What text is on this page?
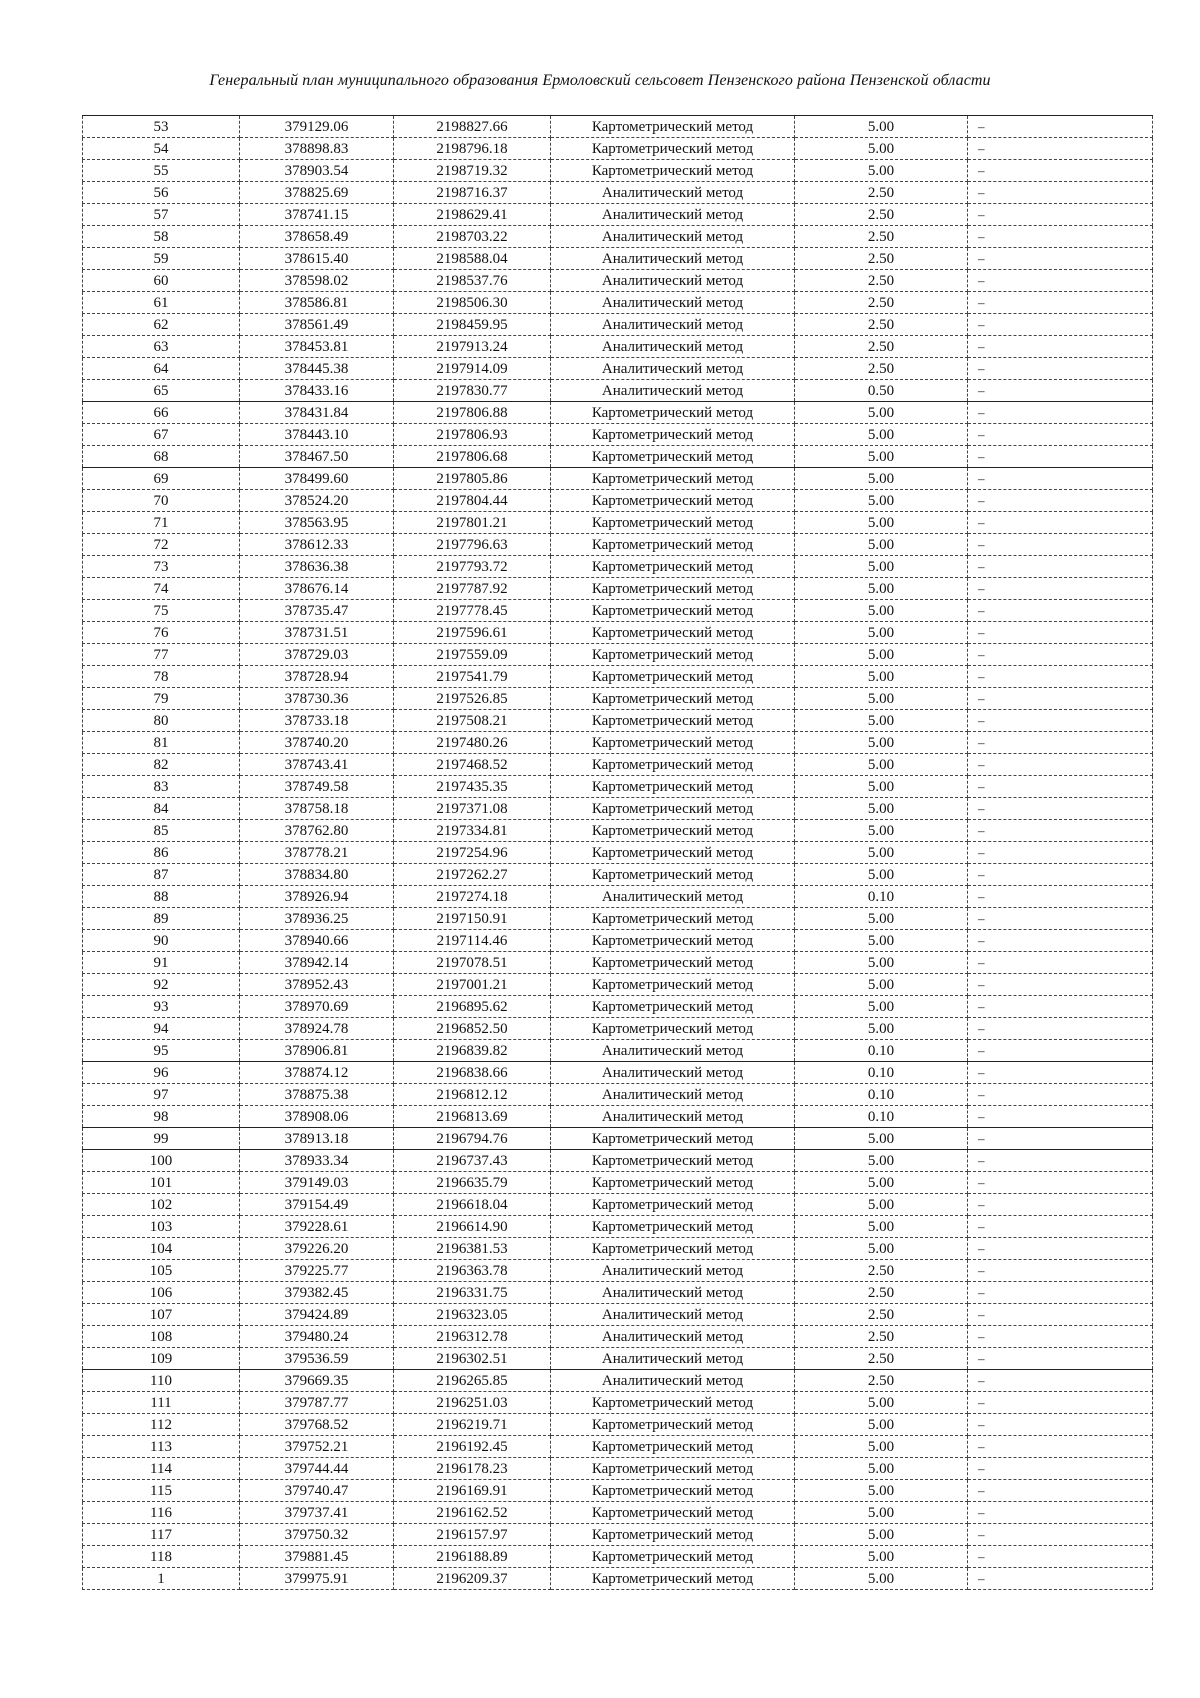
Генеральный план муниципального образования Ермоловский сельсовет Пензенского района Пензенской области
53	379129.06	2198827.66	Картометрический метод	5.00	–
54	378898.83	2198796.18	Картометрический метод	5.00	–
55	378903.54	2198719.32	Картометрический метод	5.00	–
56	378825.69	2198716.37	Аналитический метод	2.50	–
57	378741.15	2198629.41	Аналитический метод	2.50	–
58	378658.49	2198703.22	Аналитический метод	2.50	–
59	378615.40	2198588.04	Аналитический метод	2.50	–
60	378598.02	2198537.76	Аналитический метод	2.50	–
61	378586.81	2198506.30	Аналитический метод	2.50	–
62	378561.49	2198459.95	Аналитический метод	2.50	–
63	378453.81	2197913.24	Аналитический метод	2.50	–
64	378445.38	2197914.09	Аналитический метод	2.50	–
65	378433.16	2197830.77	Аналитический метод	0.50	–
66	378431.84	2197806.88	Картометрический метод	5.00	–
67	378443.10	2197806.93	Картометрический метод	5.00	–
68	378467.50	2197806.68	Картометрический метод	5.00	–
69	378499.60	2197805.86	Картометрический метод	5.00	–
70	378524.20	2197804.44	Картометрический метод	5.00	–
71	378563.95	2197801.21	Картометрический метод	5.00	–
72	378612.33	2197796.63	Картометрический метод	5.00	–
73	378636.38	2197793.72	Картометрический метод	5.00	–
74	378676.14	2197787.92	Картометрический метод	5.00	–
75	378735.47	2197778.45	Картометрический метод	5.00	–
76	378731.51	2197596.61	Картометрический метод	5.00	–
77	378729.03	2197559.09	Картометрический метод	5.00	–
78	378728.94	2197541.79	Картометрический метод	5.00	–
79	378730.36	2197526.85	Картометрический метод	5.00	–
80	378733.18	2197508.21	Картометрический метод	5.00	–
81	378740.20	2197480.26	Картометрический метод	5.00	–
82	378743.41	2197468.52	Картометрический метод	5.00	–
83	378749.58	2197435.35	Картометрический метод	5.00	–
84	378758.18	2197371.08	Картометрический метод	5.00	–
85	378762.80	2197334.81	Картометрический метод	5.00	–
86	378778.21	2197254.96	Картометрический метод	5.00	–
87	378834.80	2197262.27	Картометрический метод	5.00	–
88	378926.94	2197274.18	Аналитический метод	0.10	–
89	378936.25	2197150.91	Картометрический метод	5.00	–
90	378940.66	2197114.46	Картометрический метод	5.00	–
91	378942.14	2197078.51	Картометрический метод	5.00	–
92	378952.43	2197001.21	Картометрический метод	5.00	–
93	378970.69	2196895.62	Картометрический метод	5.00	–
94	378924.78	2196852.50	Картометрический метод	5.00	–
95	378906.81	2196839.82	Аналитический метод	0.10	–
96	378874.12	2196838.66	Аналитический метод	0.10	–
97	378875.38	2196812.12	Аналитический метод	0.10	–
98	378908.06	2196813.69	Аналитический метод	0.10	–
99	378913.18	2196794.76	Картометрический метод	5.00	–
100	378933.34	2196737.43	Картометрический метод	5.00	–
101	379149.03	2196635.79	Картометрический метод	5.00	–
102	379154.49	2196618.04	Картометрический метод	5.00	–
103	379228.61	2196614.90	Картометрический метод	5.00	–
104	379226.20	2196381.53	Картометрический метод	5.00	–
105	379225.77	2196363.78	Аналитический метод	2.50	–
106	379382.45	2196331.75	Аналитический метод	2.50	–
107	379424.89	2196323.05	Аналитический метод	2.50	–
108	379480.24	2196312.78	Аналитический метод	2.50	–
109	379536.59	2196302.51	Аналитический метод	2.50	–
110	379669.35	2196265.85	Аналитический метод	2.50	–
111	379787.77	2196251.03	Картометрический метод	5.00	–
112	379768.52	2196219.71	Картометрический метод	5.00	–
113	379752.21	2196192.45	Картометрический метод	5.00	–
114	379744.44	2196178.23	Картометрический метод	5.00	–
115	379740.47	2196169.91	Картометрический метод	5.00	–
116	379737.41	2196162.52	Картометрический метод	5.00	–
117	379750.32	2196157.97	Картометрический метод	5.00	–
118	379881.45	2196188.89	Картометрический метод	5.00	–
1	379975.91	2196209.37	Картометрический метод	5.00	–
